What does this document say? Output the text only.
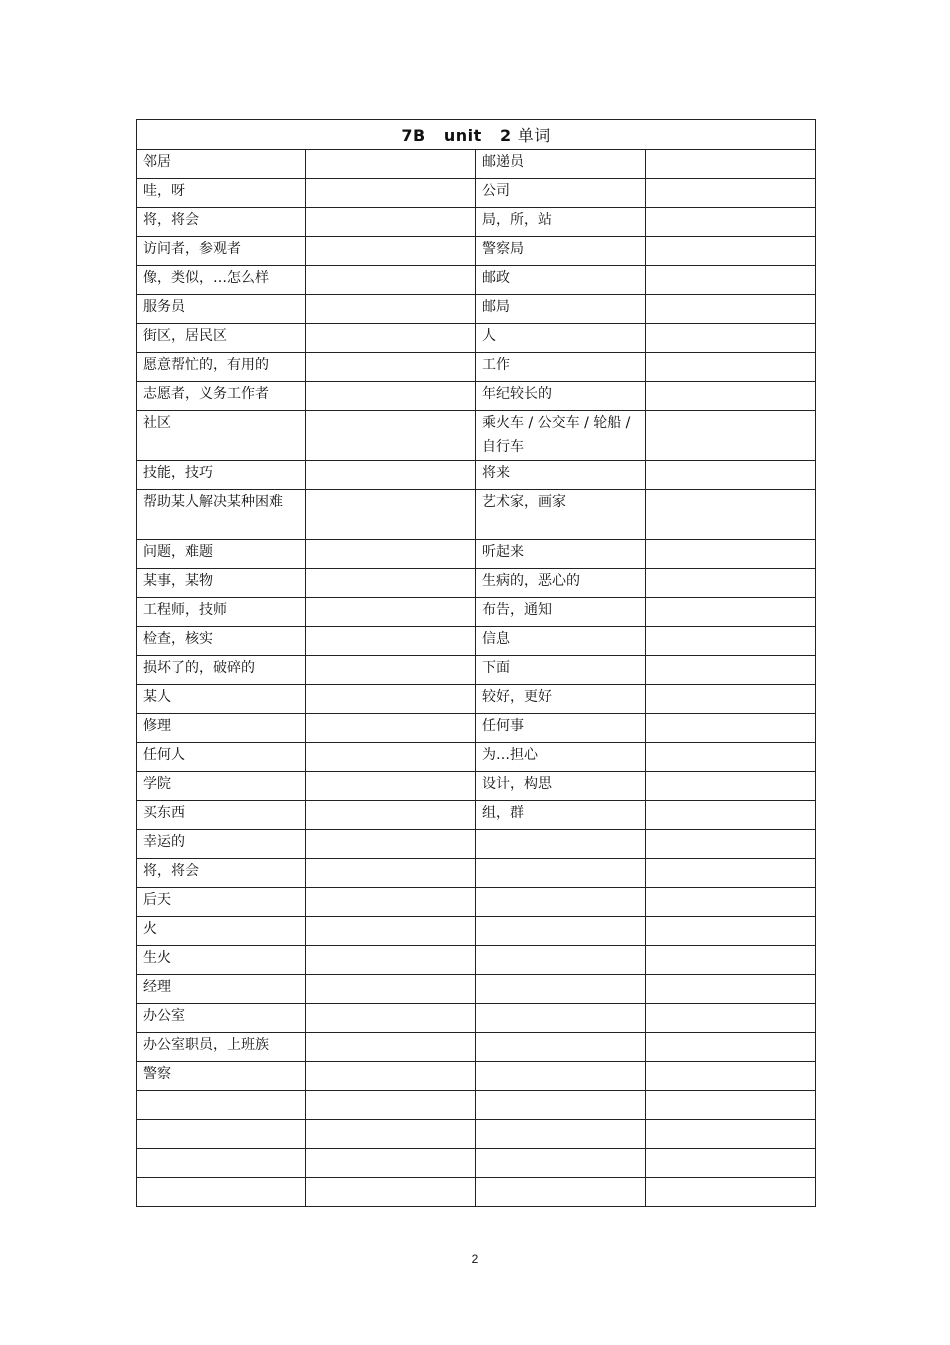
7B   unit   2 单词			
邻居		邮递员	
哇，呀		公司	
将，将会		局，所，站	
访问者，参观者		警察局	
像，类似，…怎么样		邮政	
服务员		邮局	
街区，居民区		人	
愿意帮忙的，有用的		工作	
志愿者，义务工作者		年纪较长的	
社区		乘火车 / 公交车 / 轮船 / 自行车	
技能，技巧		将来	
帮助某人解决某种困难		艺术家，画家	
问题，难题		听起来	
某事，某物		生病的，恶心的	
工程师，技师		布告，通知	
检查，核实		信息	
损坏了的，破碎的		下面	
某人		较好，更好	
修理		任何事	
任何人		为…担心	
学院		设计，构思	
买东西		组，群	
幸运的			
将，将会			
后天			
火			
生火			
经理			
办公室			
办公室职员，上班族			
警察			

2
